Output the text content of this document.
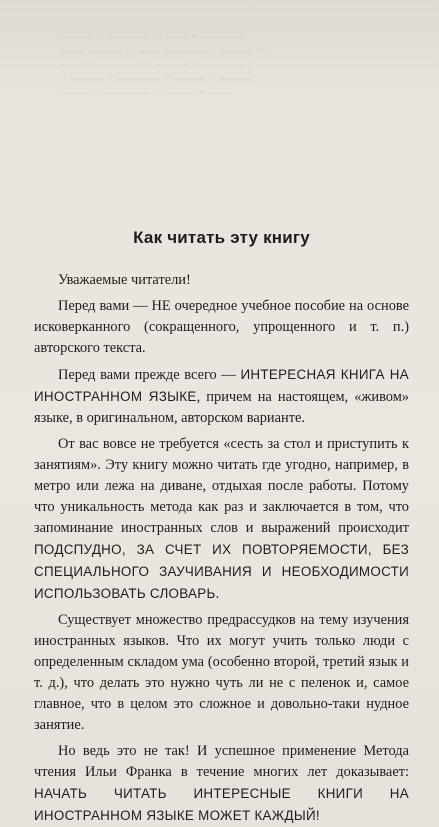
——— ·· ———— ··· —— ·· ————
·—— ——— ··· —— ———— ·· ——— ···
—— ·· ———— ··· ——— ·· ———— ·
·· ——— ·· ———— ·· ——— ·· ———
——— ·· ———— ·· ——— ·· ——
Как читать эту книгу

Уважаемые читатели!

Перед вами — НЕ очередное учебное пособие на основе исковерканного (сокращенного, упрощенного и т. п.) авторского текста.

Перед вами прежде всего — ИНТЕРЕСНАЯ КНИГА НА ИНОСТРАННОМ ЯЗЫКЕ, причем на настоящем, «живом» языке, в оригинальном, авторском варианте.

От вас вовсе не требуется «сесть за стол и приступить к занятиям». Эту книгу можно читать где угодно, например, в метро или лежа на диване, отдыхая после работы. Потому что уникальность метода как раз и заключается в том, что запоминание иностранных слов и выражений происходит ПОДСПУДНО, ЗА СЧЕТ ИХ ПОВТОРЯЕМОСТИ, БЕЗ СПЕЦИАЛЬНОГО ЗАУЧИВАНИЯ И НЕОБХОДИМОСТИ ИСПОЛЬЗОВАТЬ СЛОВАРЬ.

Существует множество предрассудков на тему изучения иностранных языков. Что их могут учить только люди с определенным складом ума (особенно второй, третий язык и т. д.), что делать это нужно чуть ли не с пеленок и, самое главное, что в целом это сложное и довольно-таки нудное занятие.

Но ведь это не так! И успешное применение Метода чтения Ильи Франка в течение многих лет доказывает: НАЧАТЬ ЧИТАТЬ ИНТЕРЕСНЫЕ КНИГИ НА ИНОСТРАННОМ ЯЗЫКЕ МОЖЕТ КАЖДЫЙ!
